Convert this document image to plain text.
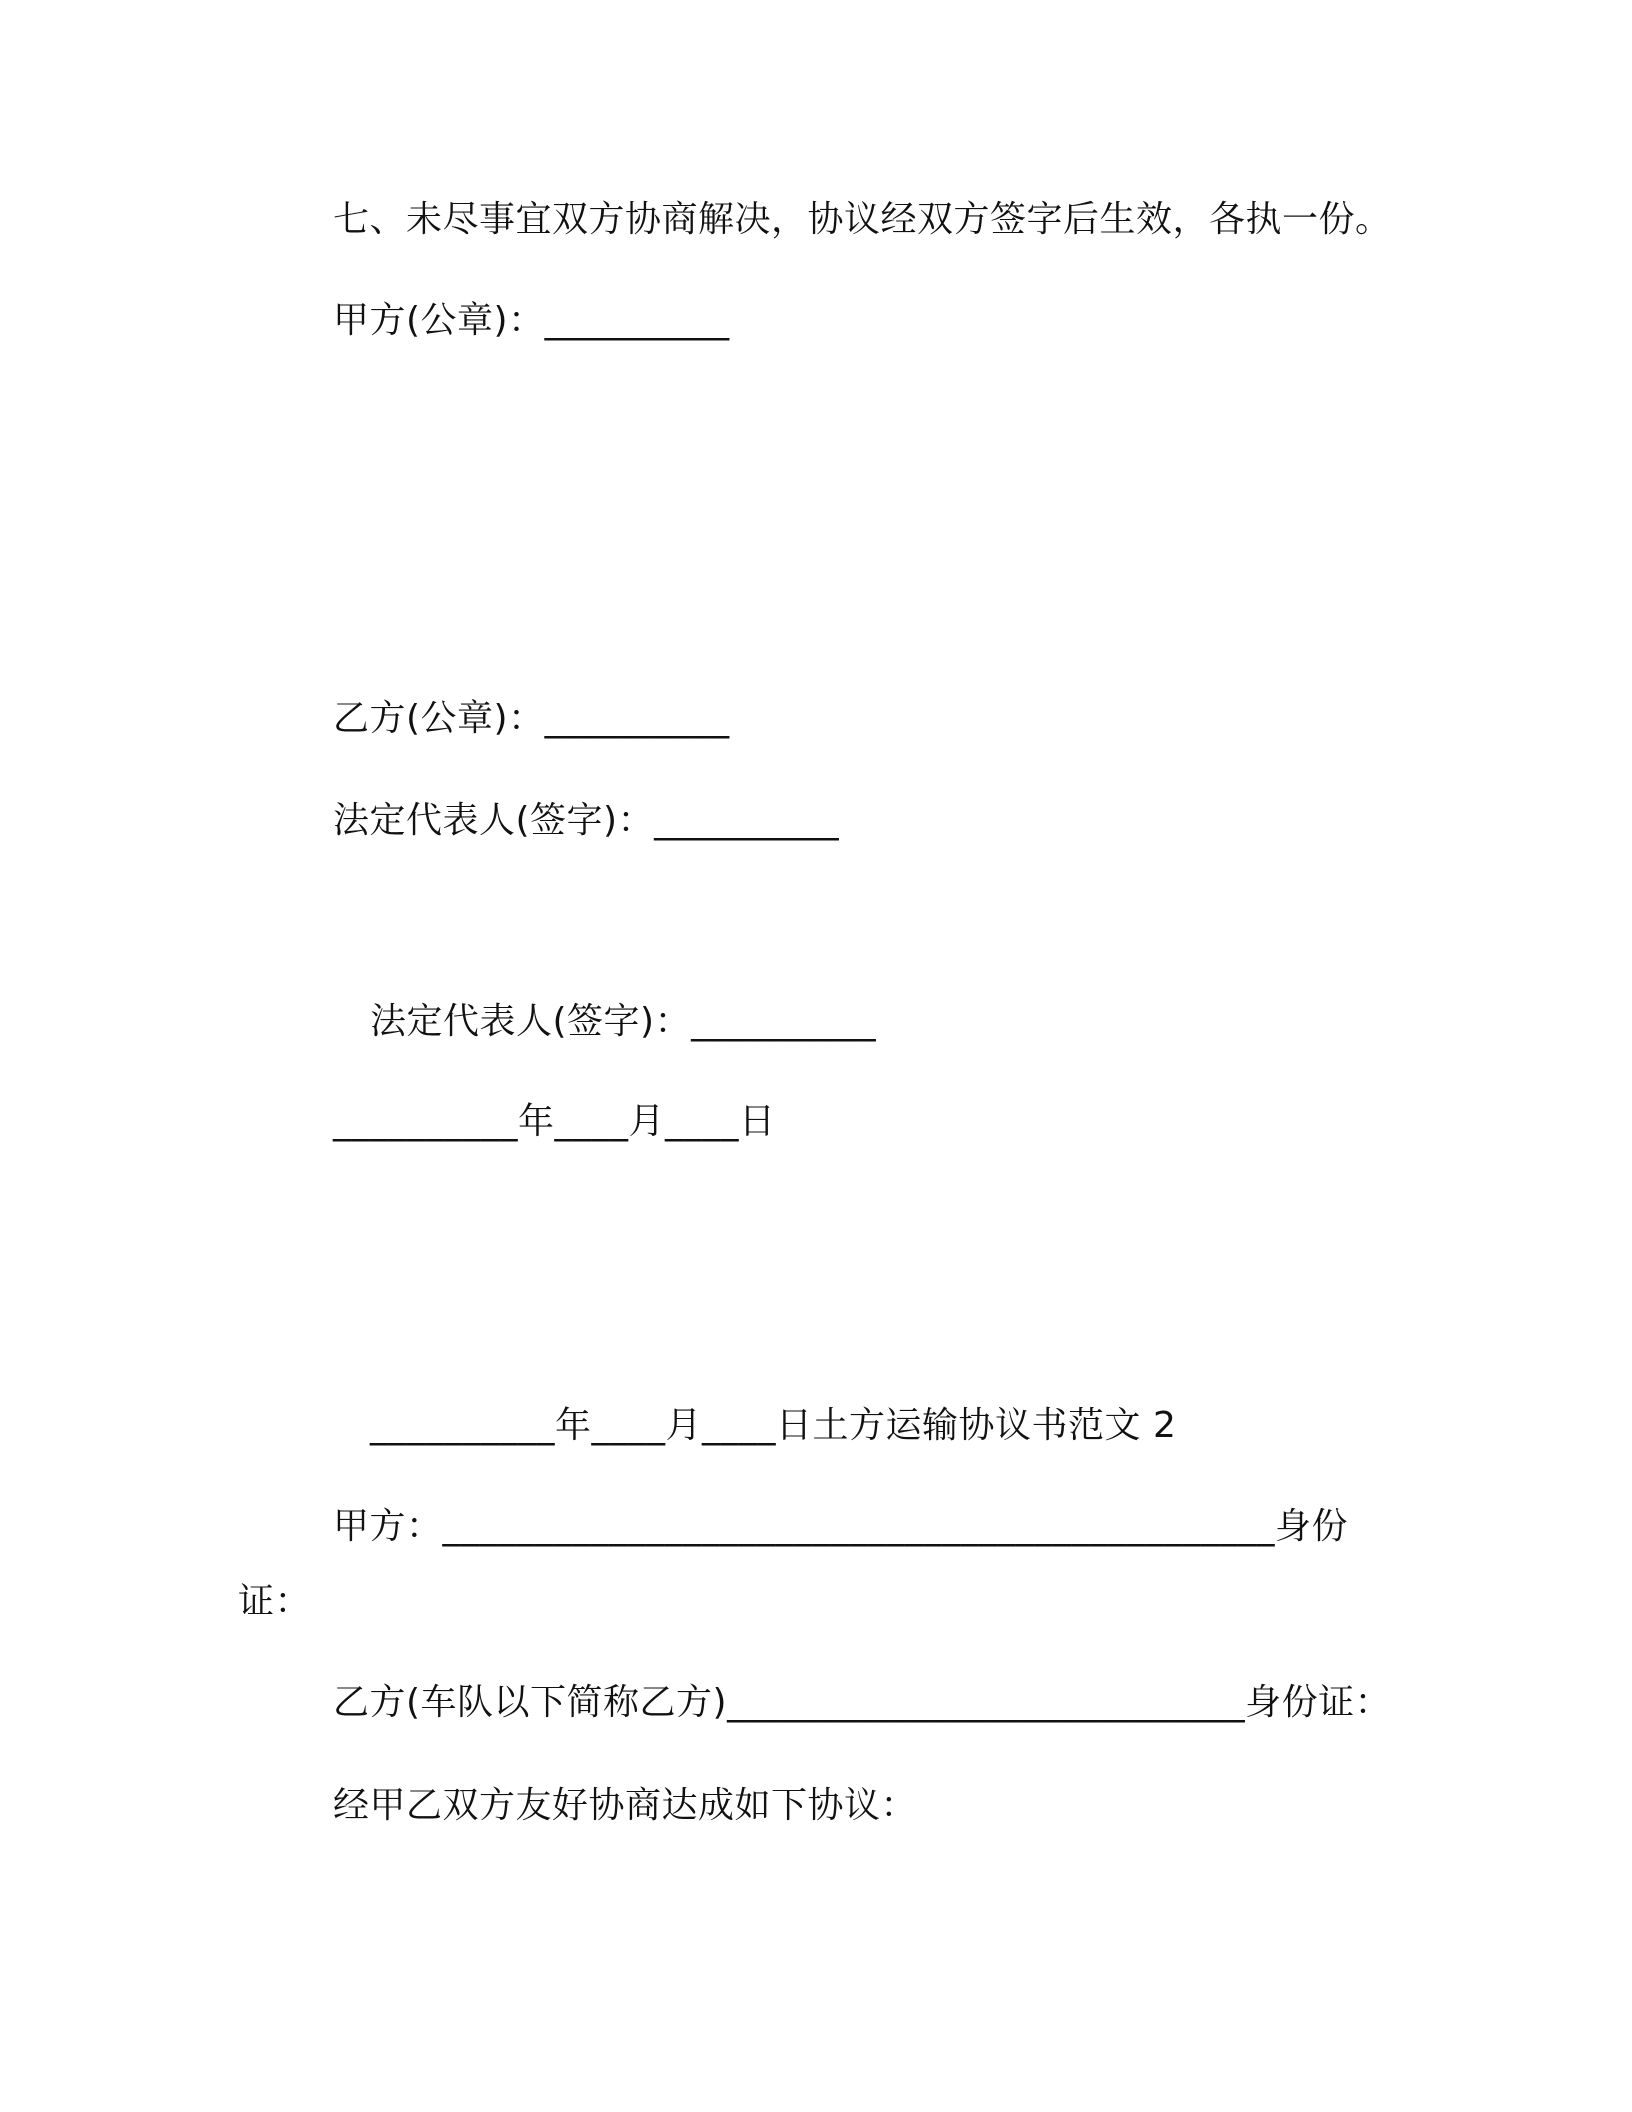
七、未尽事宜双方协商解决，协议经双方签字后生效，各执一份。
甲方(公章)：__________
乙方(公章)：__________
法定代表人(签字)：__________
法定代表人(签字)：__________
__________年____月____日
__________年____月____日土方运输协议书范文 2
甲方：_____________________________________________身份
证：
乙方(车队以下简称乙方)____________________________身份证：
经甲乙双方友好协商达成如下协议：
